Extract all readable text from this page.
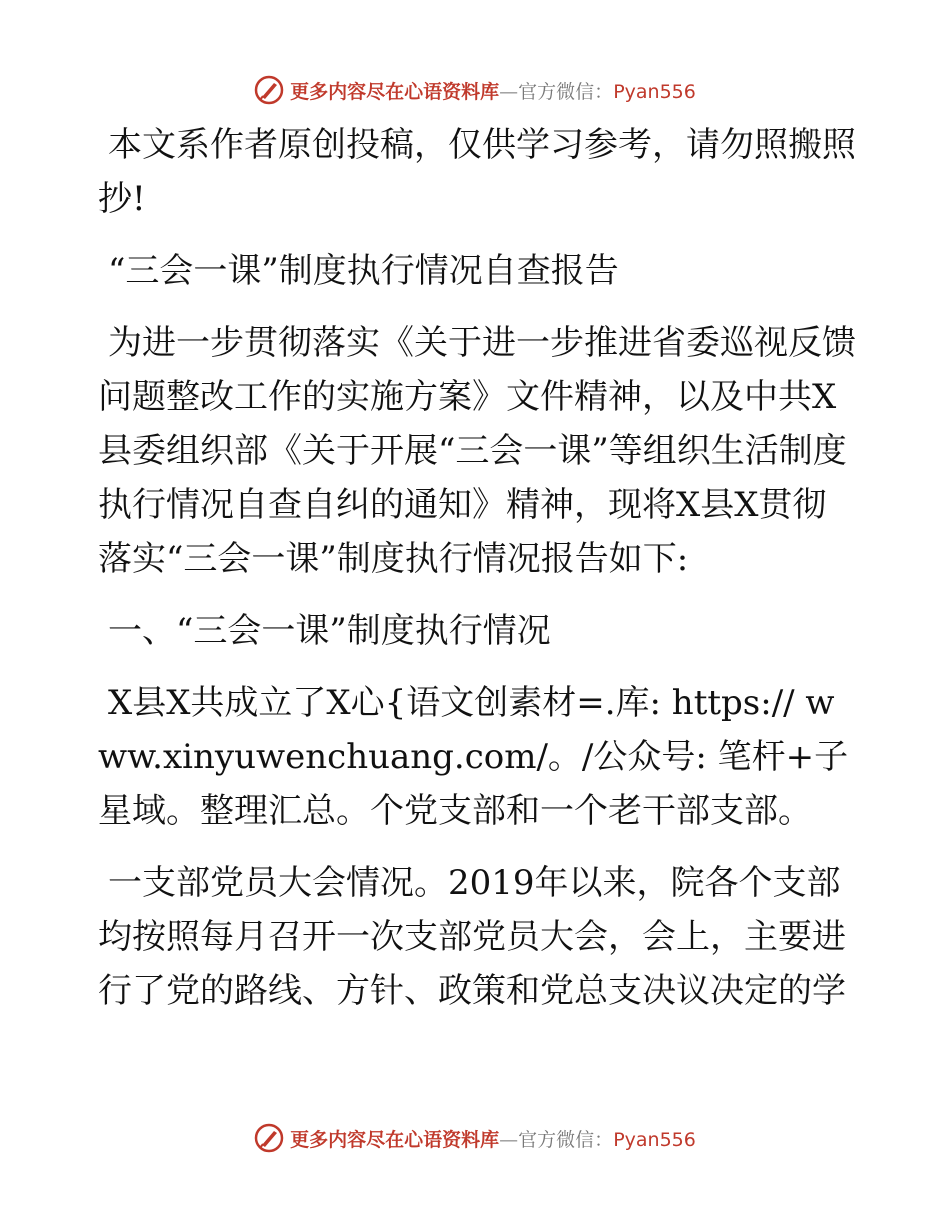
更多内容尽在心语资料库—官方微信：Pyan556

本文系作者原创投稿，仅供学习参考，请勿照搬照抄!

“三会一课”制度执行情况自查报告

为进一步贯彻落实《关于进一步推进省委巡视反馈问题整改工作的实施方案》文件精神，以及中共X县委组织部《关于开展“三会一课”等组织生活制度执行情况自查自纠的通知》精神，现将X县X贯彻落实“三会一课”制度执行情况报告如下:

一、“三会一课”制度执行情况

X县X共成立了X心{语文创素材=.库: https:// www.xinyuwenchuang.com/。/公众号: 笔杆+子星域。整理汇总。个党支部和一个老干部支部。

一支部党员大会情况。2019年以来，院各个支部均按照每月召开一次支部党员大会，会上，主要进行了党的路线、方针、政策和党总支决议决定的学

更多内容尽在心语资料库—官方微信：Pyan556
